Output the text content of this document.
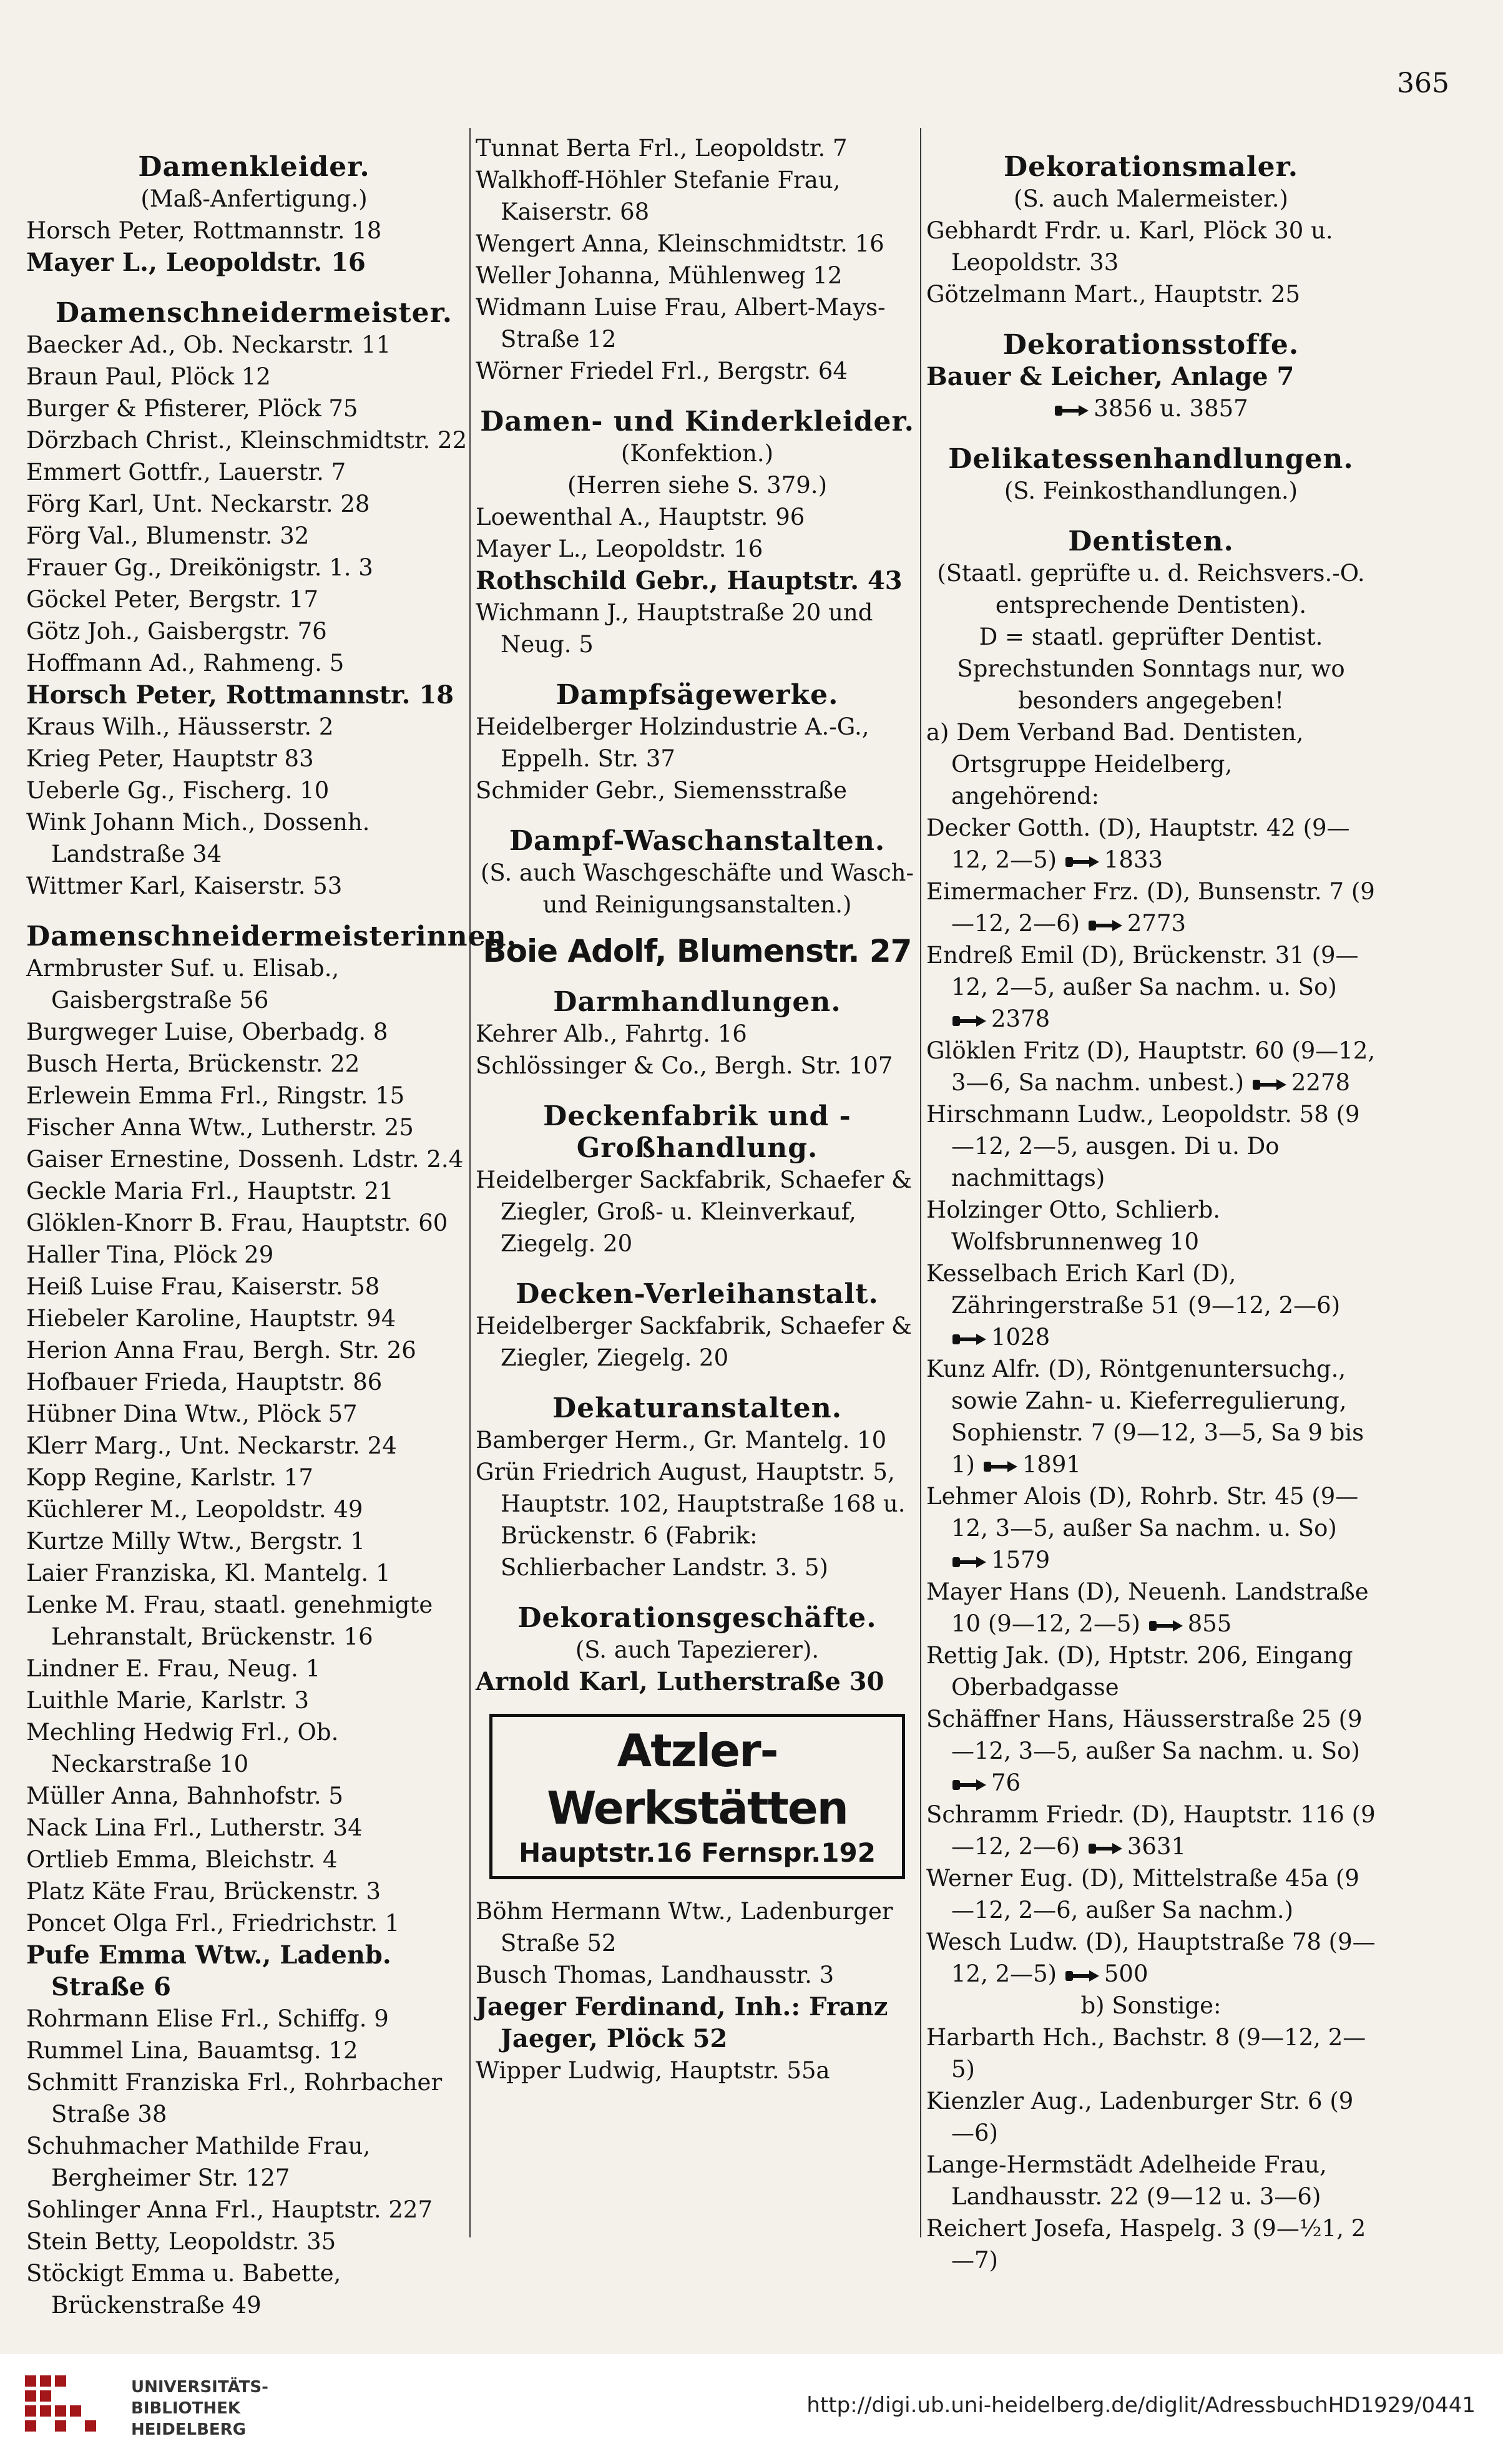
365
Damenkleider.
(Maß-Anfertigung.)
Horsch Peter, Rottmannstr. 18
Mayer L., Leopoldstr. 16
Damenschneidermeister.
Baecker Ad., Ob. Neckarstr. 11
Braun Paul, Plöck 12
Burger & Pfisterer, Plöck 75
Dörzbach Christ., Kleinschmidtstr. 22
Emmert Gottfr., Lauerstr. 7
Förg Karl, Unt. Neckarstr. 28
Förg Val., Blumenstr. 32
Frauer Gg., Dreikönigstr. 1. 3
Göckel Peter, Bergstr. 17
Götz Joh., Gaisbergstr. 76
Hoffmann Ad., Rahmeng. 5
Horsch Peter, Rottmannstr. 18
Kraus Wilh., Häusserstr. 2
Krieg Peter, Hauptstr 83
Ueberle Gg., Fischerg. 10
Wink Johann Mich., Dossenh. Landstraße 34
Wittmer Karl, Kaiserstr. 53
Damenschneidermeisterinnen.
Armbruster Suf. u. Elisab., Gaisbergstraße 56
Burgweger Luise, Oberbadg. 8
Busch Herta, Brückenstr. 22
Erlewein Emma Frl., Ringstr. 15
Fischer Anna Wtw., Lutherstr. 25
Gaiser Ernestine, Dossenh. Ldstr. 2.4
Geckle Maria Frl., Hauptstr. 21
Glöklen-Knorr B. Frau, Hauptstr. 60
Haller Tina, Plöck 29
Heiß Luise Frau, Kaiserstr. 58
Hiebeler Karoline, Hauptstr. 94
Herion Anna Frau, Bergh. Str. 26
Hofbauer Frieda, Hauptstr. 86
Hübner Dina Wtw., Plöck 57
Klerr Marg., Unt. Neckarstr. 24
Kopp Regine, Karlstr. 17
Küchlerer M., Leopoldstr. 49
Kurtze Milly Wtw., Bergstr. 1
Laier Franziska, Kl. Mantelg. 1
Lenke M. Frau, staatl. genehmigte Lehranstalt, Brückenstr. 16
Lindner E. Frau, Neug. 1
Luithle Marie, Karlstr. 3
Mechling Hedwig Frl., Ob. Neckarstraße 10
Müller Anna, Bahnhofstr. 5
Nack Lina Frl., Lutherstr. 34
Ortlieb Emma, Bleichstr. 4
Platz Käte Frau, Brückenstr. 3
Poncet Olga Frl., Friedrichstr. 1
Pufe Emma Wtw., Ladenb. Straße 6
Rohrmann Elise Frl., Schiffg. 9
Rummel Lina, Bauamtsg. 12
Schmitt Franziska Frl., Rohrbacher Straße 38
Schuhmacher Mathilde Frau, Bergheimer Str. 127
Sohlinger Anna Frl., Hauptstr. 227
Stein Betty, Leopoldstr. 35
Stöckigt Emma u. Babette, Brückenstraße 49
Tunnat Berta Frl., Leopoldstr. 7
Walkhoff-Höhler Stefanie Frau, Kaiserstr. 68
Wengert Anna, Kleinschmidtstr. 16
Weller Johanna, Mühlenweg 12
Widmann Luise Frau, Albert-Mays-Straße 12
Wörner Friedel Frl., Bergstr. 64
Damen- und Kinderkleider.
(Konfektion.)
(Herren siehe S. 379.)
Loewenthal A., Hauptstr. 96
Mayer L., Leopoldstr. 16
Rothschild Gebr., Hauptstr. 43
Wichmann J., Hauptstraße 20 und Neug. 5
Dampfsägewerke.
Heidelberger Holzindustrie A.-G., Eppelh. Str. 37
Schmider Gebr., Siemensstraße
Dampf-Waschanstalten.
(S. auch Waschgeschäfte und Wasch- und Reinigungsanstalten.)
Boie Adolf, Blumenstr. 27
Darmhandlungen.
Kehrer Alb., Fahrtg. 16
Schlössinger & Co., Bergh. Str. 107
Deckenfabrik und -Großhandlung.
Heidelberger Sackfabrik, Schaefer & Ziegler, Groß- u. Kleinverkauf, Ziegelg. 20
Decken-Verleihanstalt.
Heidelberger Sackfabrik, Schaefer & Ziegler, Ziegelg. 20
Dekaturanstalten.
Bamberger Herm., Gr. Mantelg. 10
Grün Friedrich August, Hauptstr. 5, Hauptstr. 102, Hauptstraße 168 u. Brückenstr. 6 (Fabrik: Schlierbacher Landstr. 3. 5)
Dekorationsgeschäfte.
(S. auch Tapezierer).
Arnold Karl, Lutherstraße 30
Atzler-Werkstätten
Hauptstr.16 Fernspr.192
Böhm Hermann Wtw., Ladenburger Straße 52
Busch Thomas, Landhausstr. 3
Jaeger Ferdinand, Inh.: Franz Jaeger, Plöck 52
Wipper Ludwig, Hauptstr. 55a
Dekorationsmaler.
(S. auch Malermeister.)
Gebhardt Frdr. u. Karl, Plöck 30 u. Leopoldstr. 33
Götzelmann Mart., Hauptstr. 25
Dekorationsstoffe.
Bauer & Leicher, Anlage 7
3856 u. 3857
Delikatessenhandlungen.
(S. Feinkosthandlungen.)
Dentisten.
(Staatl. geprüfte u. d. Reichsvers.-O. entsprechende Dentisten).
D = staatl. geprüfter Dentist.
Sprechstunden Sonntags nur, wo besonders angegeben!
a) Dem Verband Bad. Dentisten, Ortsgruppe Heidelberg, angehörend:
Decker Gotth. (D), Hauptstr. 42 (9—12, 2—5) 1833
Eimermacher Frz. (D), Bunsenstr. 7 (9—12, 2—6) 2773
Endreß Emil (D), Brückenstr. 31 (9—12, 2—5, außer Sa nachm. u. So) 2378
Glöklen Fritz (D), Hauptstr. 60 (9—12, 3—6, Sa nachm. unbest.) 2278
Hirschmann Ludw., Leopoldstr. 58 (9—12, 2—5, ausgen. Di u. Do nachmittags)
Holzinger Otto, Schlierb. Wolfsbrunnenweg 10
Kesselbach Erich Karl (D), Zähringerstraße 51 (9—12, 2—6) 1028
Kunz Alfr. (D), Röntgenuntersuchg., sowie Zahn- u. Kieferregulierung, Sophienstr. 7 (9—12, 3—5, Sa 9 bis 1) 1891
Lehmer Alois (D), Rohrb. Str. 45 (9—12, 3—5, außer Sa nachm. u. So) 1579
Mayer Hans (D), Neuenh. Landstraße 10 (9—12, 2—5) 855
Rettig Jak. (D), Hptstr. 206, Eingang Oberbadgasse
Schäffner Hans, Häusserstraße 25 (9—12, 3—5, außer Sa nachm. u. So) 76
Schramm Friedr. (D), Hauptstr. 116 (9—12, 2—6) 3631
Werner Eug. (D), Mittelstraße 45a (9—12, 2—6, außer Sa nachm.)
Wesch Ludw. (D), Hauptstraße 78 (9—12, 2—5) 500
b) Sonstige:
Harbarth Hch., Bachstr. 8 (9—12, 2—5)
Kienzler Aug., Ladenburger Str. 6 (9—6)
Lange-Hermstädt Adelheide Frau, Landhausstr. 22 (9—12 u. 3—6)
Reichert Josefa, Haspelg. 3 (9—½1, 2—7)
UNIVERSITÄTS-
BIBLIOTHEK
HEIDELBERG
http://digi.ub.uni-heidelberg.de/diglit/AdressbuchHD1929/0441
